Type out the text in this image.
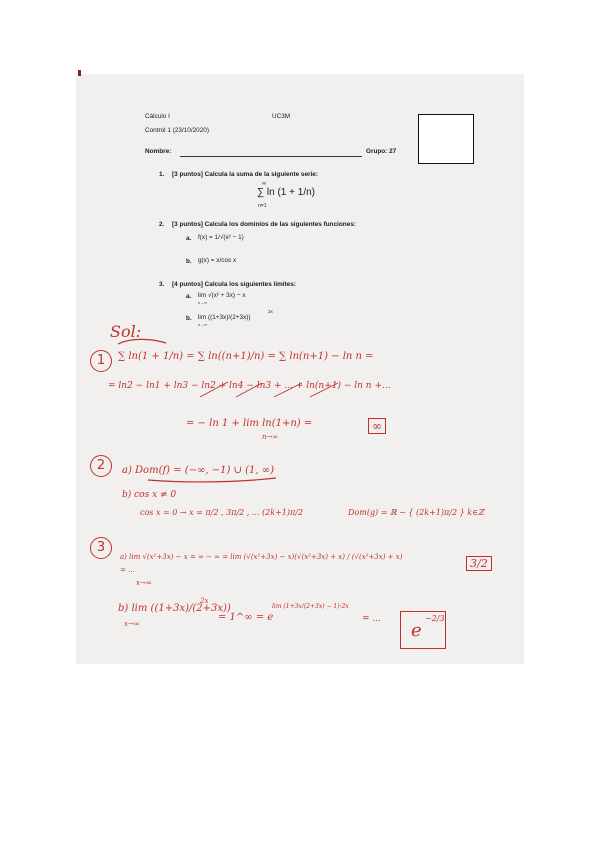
Cálculo I	UC3M
Control 1 (23/10/2020)
Nombre:	Grupo: 27
1. [3 puntos] Calcula la suma de la siguiente serie:
∞
n=1
∑ ln (1 + 1/n)
2. [3 puntos] Calcula los dominios de las siguientes funciones:
a. f(x) = 1/√(x² − 1)
b. g(x) = x/cos x
3. [4 puntos] Calcula los siguientes límites:
a. lim √(x² + 3x) − x
x→∞
b. lim ((1+3x)/(2+3x))
x→∞
2x
Sol:
1	∑ ln(1 + 1/n) = ∑ ln((n+1)/n) = ∑ ln(n+1) − ln n =
= ln2 − ln1 + ln3 − ln2 + ln4 − ln3 + ... + ln(n+1) − ln n +...
= − ln 1 + lim ln(1+n) =
n→∞
∞
2	a) Dom(f) = (−∞, −1) ∪ (1, ∞)
b) cos x ≠ 0
cos x = 0 → x = π/2 , 3π/2 , ... (2k+1)π/2	Dom(g) = ℝ − { (2k+1)π/2 } k∈ℤ
3
a) lim √(x²+3x) − x = ∞ − ∞ = lim (√(x²+3x) − x)(√(x²+3x) + x) / (√(x²+3x) + x) = ...
x→∞
3/2
b) lim ((1+3x)/(2+3x))
2x
x→∞
= 1^∞ = e
lim (1+3x/(2+3x) − 1)·2x
= ...
e
−2/3
